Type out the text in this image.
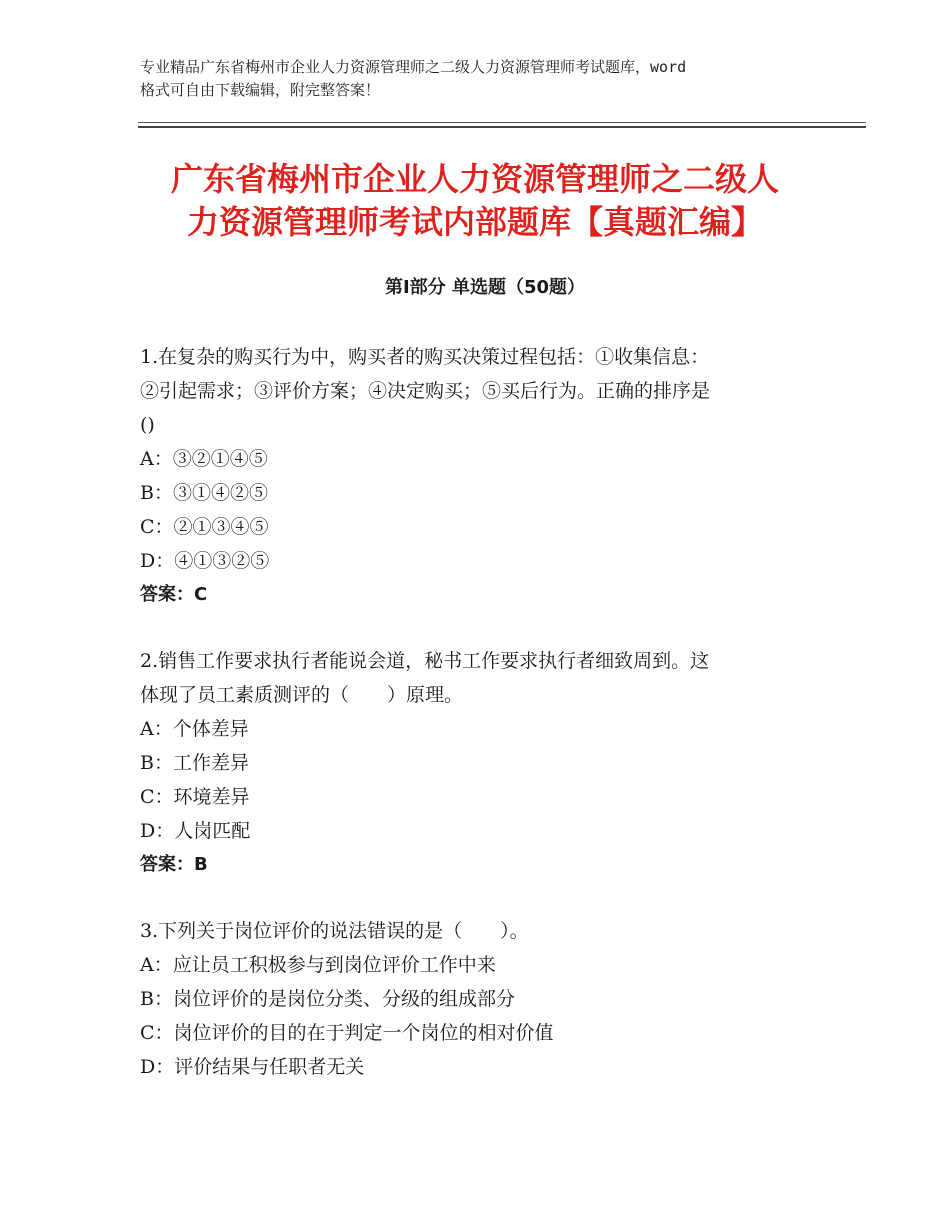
专业精品广东省梅州市企业人力资源管理师之二级人力资源管理师考试题库，word
格式可自由下载编辑，附完整答案！
广东省梅州市企业人力资源管理师之二级人
力资源管理师考试内部题库【真题汇编】
第Ⅰ部分 单选题（50题）
1.在复杂的购买行为中，购买者的购买决策过程包括：①收集信息：
②引起需求；③评价方案；④决定购买；⑤买后行为。正确的排序是
()
A：③②①④⑤
B：③①④②⑤
C：②①③④⑤
D：④①③②⑤
答案：C
2.销售工作要求执行者能说会道，秘书工作要求执行者细致周到。这
体现了员工素质测评的（　　）原理。
A：个体差异
B：工作差异
C：环境差异
D：人岗匹配
答案：B
3.下列关于岗位评价的说法错误的是（　　）。
A：应让员工积极参与到岗位评价工作中来
B：岗位评价的是岗位分类、分级的组成部分
C：岗位评价的目的在于判定一个岗位的相对价值
D：评价结果与任职者无关
